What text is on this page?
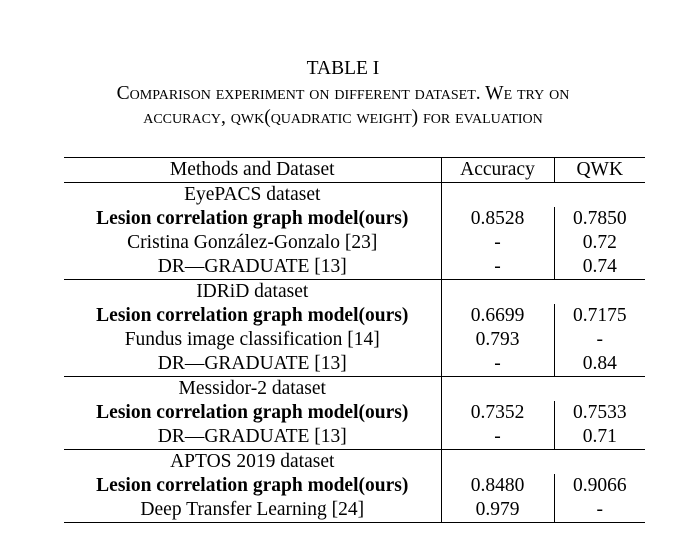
TABLE I
Comparison experiment on different dataset. We try on
accuracy, qwk(quadratic weight) for evaluation
Methods and Dataset	Accuracy	QWK
EyePACS dataset		
Lesion correlation graph model(ours)	0.8528	0.7850
Cristina González-Gonzalo [23]	-	0.72
DR—GRADUATE [13]	-	0.74
IDRiD dataset		
Lesion correlation graph model(ours)	0.6699	0.7175
Fundus image classification [14]	0.793	-
DR—GRADUATE [13]	-	0.84
Messidor-2 dataset		
Lesion correlation graph model(ours)	0.7352	0.7533
DR—GRADUATE [13]	-	0.71
APTOS 2019 dataset		
Lesion correlation graph model(ours)	0.8480	0.9066
Deep Transfer Learning [24]	0.979	-
